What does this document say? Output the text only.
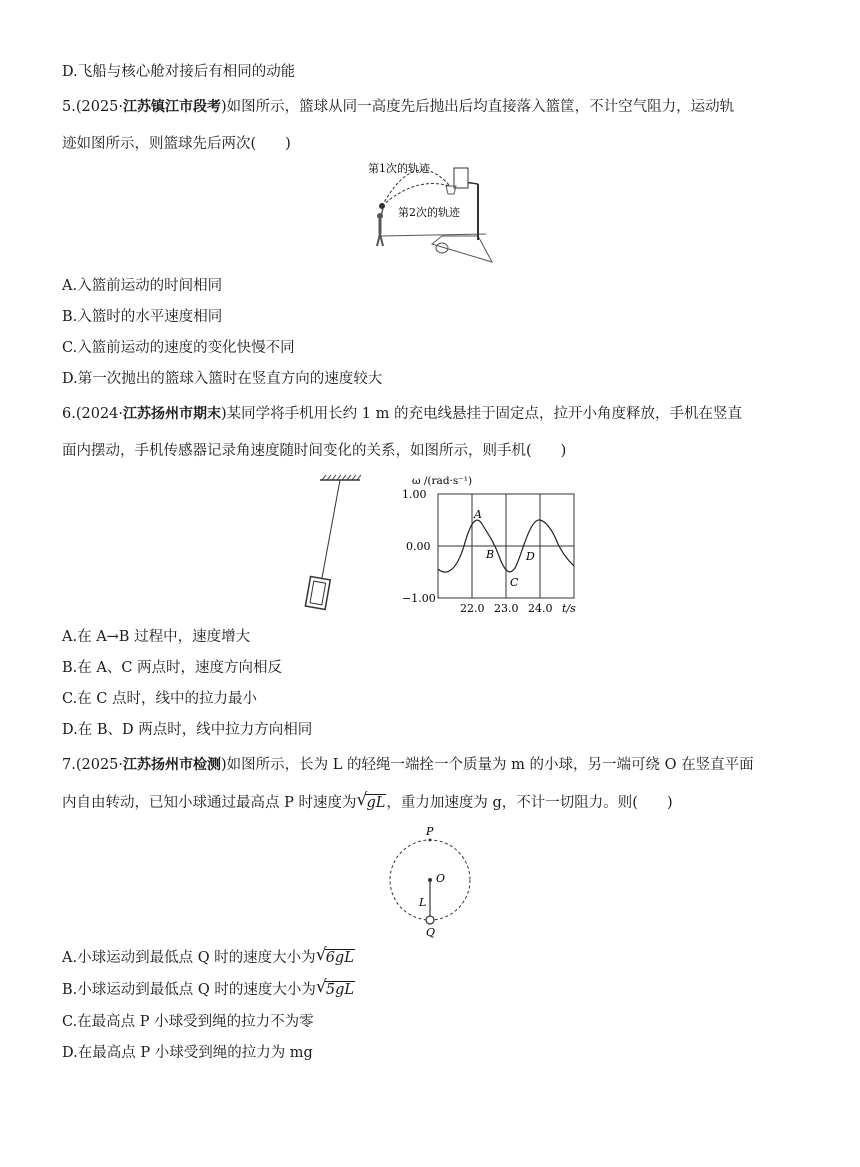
D.飞船与核心舱对接后有相同的动能
5.(2025·江苏镇江市段考)如图所示，篮球从同一高度先后抛出后均直接落入篮筐，不计空气阻力，运动轨
迹如图所示，则篮球先后两次(　　)
第1次的轨迹
第2次的轨迹
A.入篮前运动的时间相同
B.入篮时的水平速度相同
C.入篮前运动的速度的变化快慢不同
D.第一次抛出的篮球入篮时在竖直方向的速度较大
6.(2024·江苏扬州市期末)某同学将手机用长约 1 m 的充电线悬挂于固定点，拉开小角度释放，手机在竖直
面内摆动，手机传感器记录角速度随时间变化的关系，如图所示，则手机(　　)
ω /(rad·s⁻¹)
1.00
0.00
−1.00
22.0 23.0 24.0 t/s
A
B
C
D
A.在 A→B 过程中，速度增大
B.在 A、C 两点时，速度方向相反
C.在 C 点时，线中的拉力最小
D.在 B、D 两点时，线中拉力方向相同
7.(2025·江苏扬州市检测)如图所示，长为 L 的轻绳一端拴一个质量为 m 的小球，另一端可绕 O 在竖直平面
内自由转动，已知小球通过最高点 P 时速度为 √ gL，重力加速度为 g，不计一切阻力。则(　　)
P
O
L
Q
A.小球运动到最低点 Q 时的速度大小为 √ 6gL
B.小球运动到最低点 Q 时的速度大小为 √ 5gL
C.在最高点 P 小球受到绳的拉力不为零
D.在最高点 P 小球受到绳的拉力为 mg
